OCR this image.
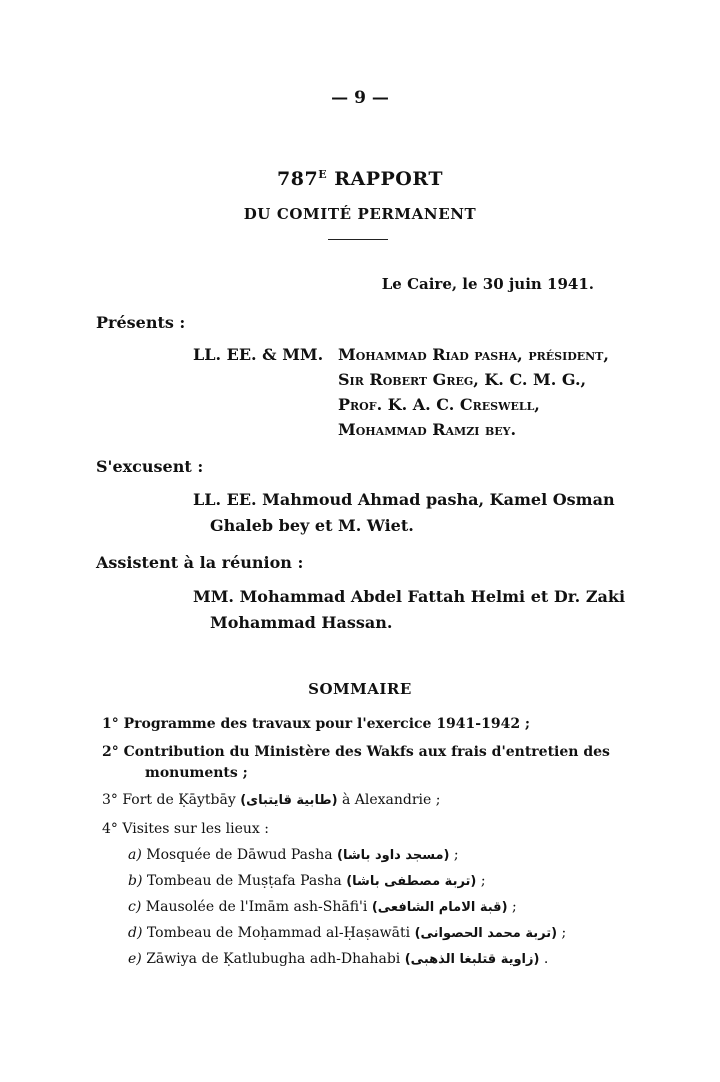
— 9 —
$787^E$ RAPPORT
DU COMITÉ PERMANENT
Le Caire, le 30 juin 1941.
Présents :
LL. EE. & MM. Mohammad Riad pasha, président,
Sir Robert Greg, K. C. M. G.,
Prof. K. A. C. Creswell,
Mohammad Ramzi bey.
S'excusent :
LL. EE. Mahmoud Ahmad pasha, Kamel Osman
Ghaleb bey et M. Wiet.
Assistent à la réunion :
MM. Mohammad Abdel Fattah Helmi et Dr. Zaki
Mohammad Hassan.
SOMMAIRE
1° Programme des travaux pour l'exercice 1941-1942 ;
2° Contribution du Ministère des Wakfs aux frais d'entretien des
monuments ;
3° Fort de Ḳāytbāy (طابية قايتباى) à Alexandrie ;
4° Visites sur les lieux :
a) Mosquée de Dāwud Pasha (مسجد داود باشا) ;
b) Tombeau de Muṣṭafa Pasha (تربة مصطفى باشا) ;
c) Mausolée de l'Imām ash-Shāfi'i (قبة الامام الشافعى) ;
d) Tombeau de Moḥammad al-Ḥaṣawāti (تربة محمد الحصوانى) ;
e) Zāwiya de Ḳatlubugha adh-Dhahabi (زاوية قتلبغا الذهبى) .
